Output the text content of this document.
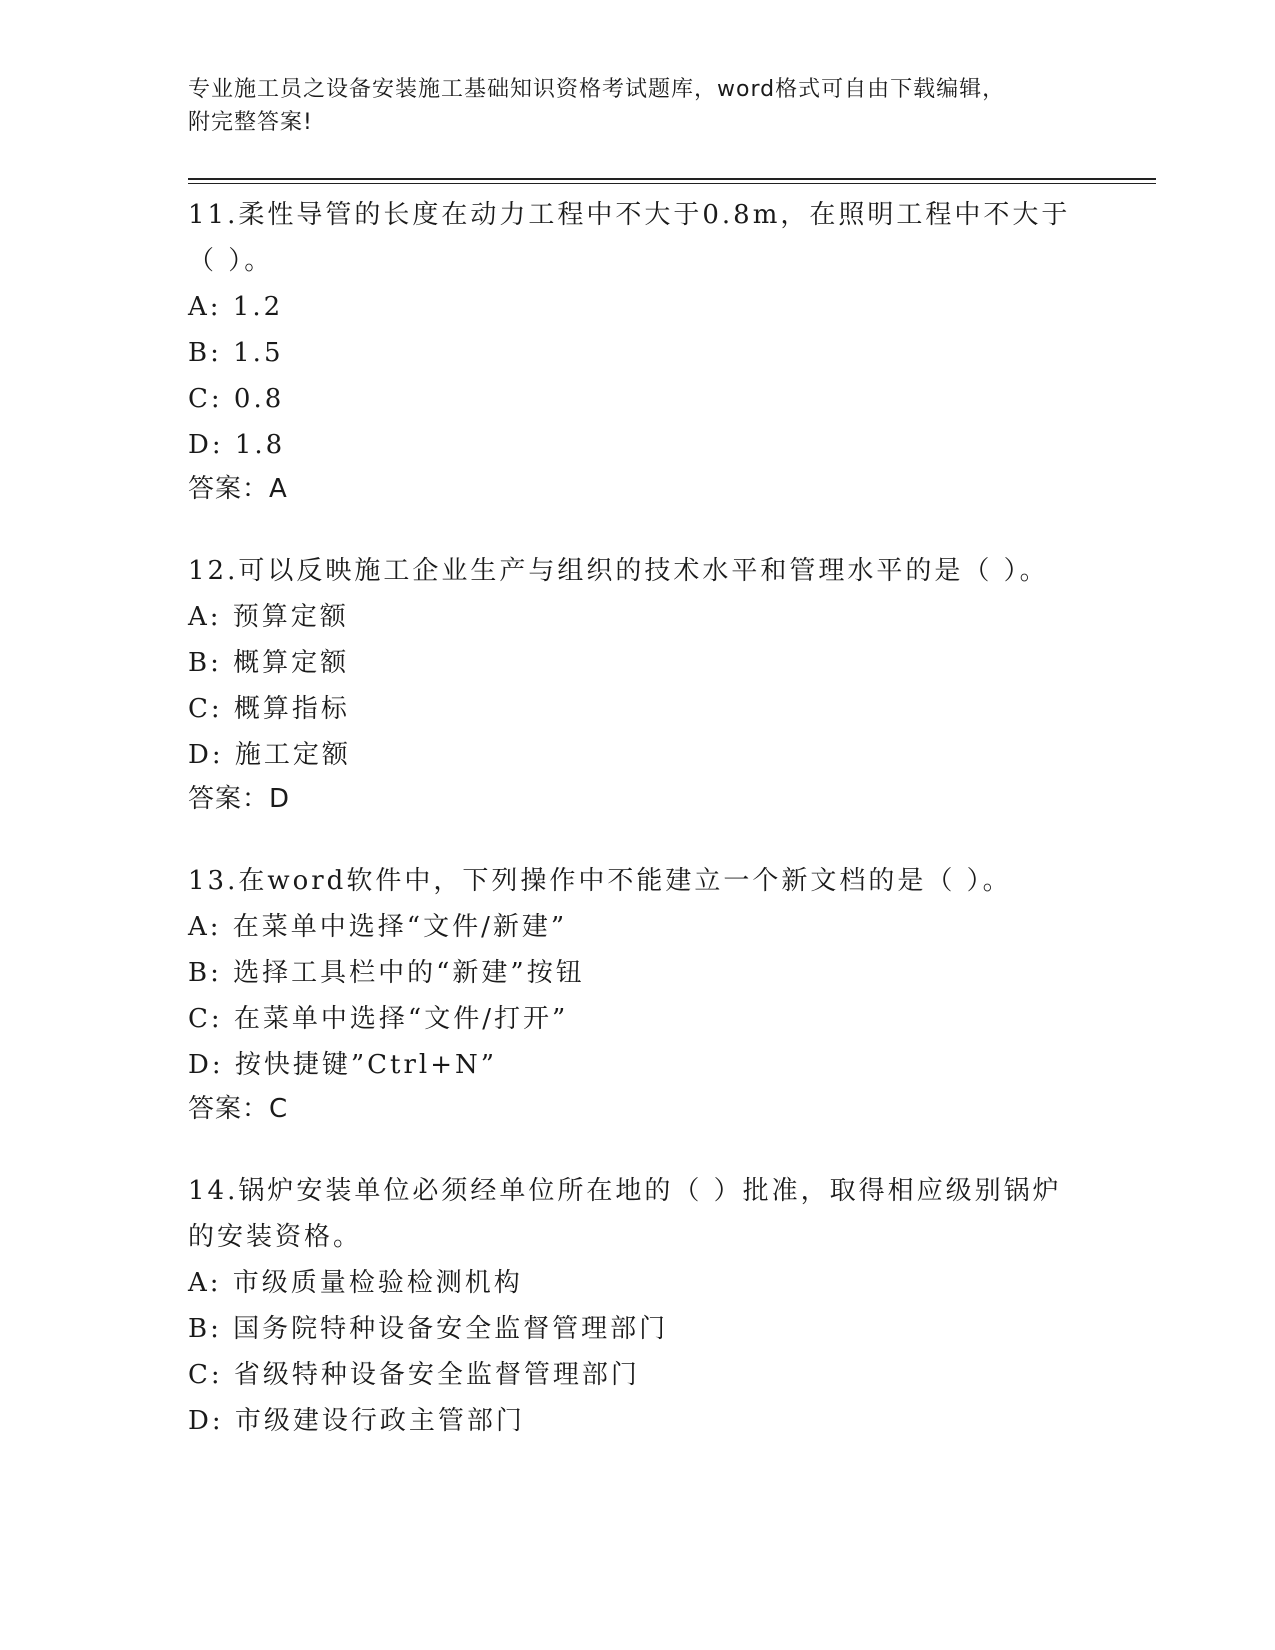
专业施工员之设备安装施工基础知识资格考试题库，word格式可自由下载编辑，
附完整答案!
11.柔性导管的长度在动力工程中不大于0.8m，在照明工程中不大于（ ）。
A: 1.2
B: 1.5
C: 0.8
D: 1.8
答案：A
12.可以反映施工企业生产与组织的技术水平和管理水平的是（ ）。
A: 预算定额
B: 概算定额
C: 概算指标
D: 施工定额
答案：D
13.在word软件中，下列操作中不能建立一个新文档的是（ ）。
A: 在菜单中选择“文件/新建”
B: 选择工具栏中的“新建”按钮
C: 在菜单中选择“文件/打开”
D: 按快捷键”Ctrl+N”
答案：C
14.锅炉安装单位必须经单位所在地的（ ）批准，取得相应级别锅炉的安装资格。
A: 市级质量检验检测机构
B: 国务院特种设备安全监督管理部门
C: 省级特种设备安全监督管理部门
D: 市级建设行政主管部门
